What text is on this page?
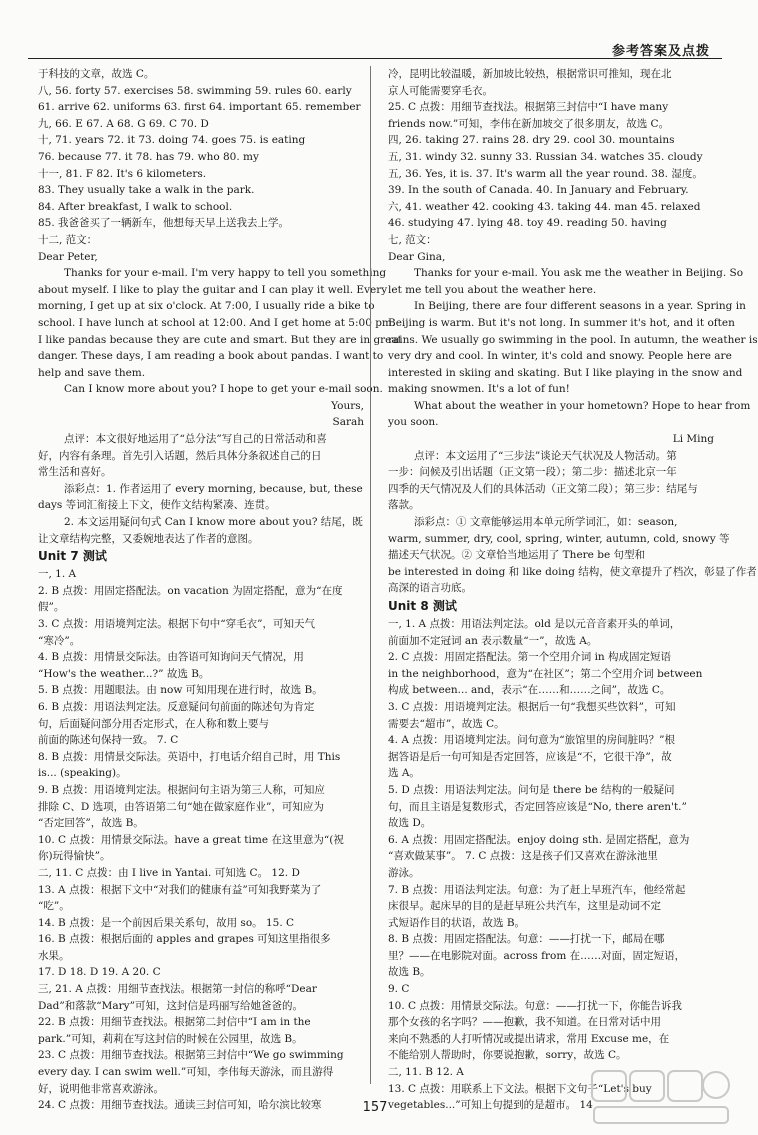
参考答案及点拨
于科技的文章，故选 C。
八, 56. forty 57. exercises 58. swimming 59. rules 60. early
61. arrive 62. uniforms 63. first 64. important 65. remember
九, 66. E 67. A 68. G 69. C 70. D
十, 71. years 72. it 73. doing 74. goes 75. is eating
76. because 77. it 78. has 79. who 80. my
十一, 81. F 82. It's 6 kilometers.
83. They usually take a walk in the park.
84. After breakfast, I walk to school.
85. 我爸爸买了一辆新车，他想每天早上送我去上学。
十二, 范文：
Dear Peter,
Thanks for your e-mail. I'm very happy to tell you something
about myself. I like to play the guitar and I can play it well. Every
morning, I get up at six o'clock. At 7:00, I usually ride a bike to
school. I have lunch at school at 12:00. And I get home at 5:00 pm.
I like pandas because they are cute and smart. But they are in great
danger. These days, I am reading a book about pandas. I want to
help and save them.
Can I know more about you? I hope to get your e-mail soon.
Yours,
Sarah
点评：本文很好地运用了“总分法”写自己的日常活动和喜
好，内容有条理。首先引入话题，然后具体分条叙述自己的日
常生活和喜好。
添彩点：1. 作者运用了 every morning, because, but, these
days 等词汇衔接上下文，使作文结构紧凑、连贯。
2. 本文运用疑问句式 Can I know more about you? 结尾，既
让文章结构完整，又委婉地表达了作者的意图。
Unit 7 测试
一, 1. A
2. B 点拨：用固定搭配法。on vacation 为固定搭配，意为“在度
假”。
3. C 点拨：用语境判定法。根据下句中“穿毛衣”，可知天气
“寒冷”。
4. B 点拨：用情景交际法。由答语可知询问天气情况，用
“How's the weather...?” 故选 B。
5. B 点拨：用题眼法。由 now 可知用现在进行时，故选 B。
6. B 点拨：用语法判定法。反意疑问句前面的陈述句为肯定
句，后面疑问部分用否定形式，在人称和数上要与
前面的陈述句保持一致。 7. C
8. B 点拨：用情景交际法。英语中，打电话介绍自己时，用 This
is... (speaking)。
9. B 点拨：用语境判定法。根据问句主语为第三人称，可知应
排除 C、D 选项，由答语第二句“她在做家庭作业”，可知应为
“否定回答”，故选 B。
10. C 点拨：用情景交际法。have a great time 在这里意为“(祝
你)玩得愉快”。
二, 11. C 点拨：由 I live in Yantai. 可知选 C。 12. D
13. A 点拨：根据下文中“对我们的健康有益”可知我野菜为了
“吃”。
14. B 点拨：是一个前因后果关系句，故用 so。 15. C
16. B 点拨：根据后面的 apples and grapes 可知这里指很多
水果。
17. D 18. D 19. A 20. C
三, 21. A 点拨：用细节查找法。根据第一封信的称呼“Dear
Dad”和落款“Mary”可知，这封信是玛丽写给她爸爸的。
22. B 点拨：用细节查找法。根据第二封信中“I am in the
park.”可知，莉莉在写这封信的时候在公园里，故选 B。
23. C 点拨：用细节查找法。根据第三封信中“We go swimming
every day. I can swim well.”可知，李伟每天游泳，而且游得
好，说明他非常喜欢游泳。
24. C 点拨：用细节查找法。通读三封信可知，哈尔滨比较寒
冷，昆明比较温暖，新加坡比较热，根据常识可推知，现在北
京人可能需要穿毛衣。
25. C 点拨：用细节查找法。根据第三封信中“I have many
friends now.”可知，李伟在新加坡交了很多朋友，故选 C。
四, 26. taking 27. rains 28. dry 29. cool 30. mountains
五, 31. windy 32. sunny 33. Russian 34. watches 35. cloudy
五, 36. Yes, it is. 37. It's warm all the year round. 38. 湿度。
39. In the south of Canada. 40. In January and February.
六, 41. weather 42. cooking 43. taking 44. man 45. relaxed
46. studying 47. lying 48. toy 49. reading 50. having
七, 范文：
Dear Gina,
Thanks for your e-mail. You ask me the weather in Beijing. So
let me tell you about the weather here.
In Beijing, there are four different seasons in a year. Spring in
Beijing is warm. But it's not long. In summer it's hot, and it often
rains. We usually go swimming in the pool. In autumn, the weather is
very dry and cool. In winter, it's cold and snowy. People here are
interested in skiing and skating. But I like playing in the snow and
making snowmen. It's a lot of fun!
What about the weather in your hometown? Hope to hear from
you soon.
Li Ming
点评：本文运用了“三步法”谈论天气状况及人物活动。第
一步：问候及引出话题（正文第一段）；第二步：描述北京一年
四季的天气情况及人们的具体活动（正文第二段）；第三步：结尾与
落款。
添彩点：① 文章能够运用本单元所学词汇，如：season,
warm, summer, dry, cool, spring, winter, autumn, cold, snowy 等
描述天气状况。② 文章恰当地运用了 There be 句型和
be interested in doing 和 like doing 结构，使文章提升了档次，彰显了作者
高深的语言功底。
Unit 8 测试
一, 1. A 点拨：用语法判定法。old 是以元音音素开头的单词，
前面加不定冠词 an 表示数量“一”，故选 A。
2. C 点拨：用固定搭配法。第一个空用介词 in 构成固定短语
in the neighborhood，意为“在社区”；第二个空用介词 between
构成 between... and，表示“在……和……之间”，故选 C。
3. C 点拨：用语境判定法。根据后一句“我想买些饮料”，可知
需要去“超市”，故选 C。
4. A 点拨：用语境判定法。问句意为“旅馆里的房间脏吗？”根
据答语是后一句可知是否定回答，应该是“不，它很干净”，故
选 A。
5. D 点拨：用语法判定法。问句是 there be 结构的一般疑问
句，而且主语是复数形式，否定回答应该是“No, there aren't.”
故选 D。
6. A 点拨：用固定搭配法。enjoy doing sth. 是固定搭配，意为
“喜欢做某事”。 7. C 点拨：这是孩子们又喜欢在游泳池里
游泳。
7. B 点拨：用语法判定法。句意：为了赶上早班汽车，他经常起
床很早。起床早的目的是赶早班公共汽车，这里是动词不定
式短语作目的状语，故选 B。
8. B 点拨：用固定搭配法。句意：——打扰一下，邮局在哪
里？——在电影院对面。across from 在……对面，固定短语，
故选 B。
9. C
10. C 点拨：用情景交际法。句意：——打扰一下，你能告诉我
那个女孩的名字吗？——抱歉，我不知道。在日常对话中用
来向不熟悉的人打听情况或提出请求，常用 Excuse me，在
不能给别人帮助时，你要说抱歉，sorry，故选 C。
二, 11. B 12. A
13. C 点拨：用联系上下文法。根据下文句子“Let's buy
vegetables...”可知上句提到的是超市。 14
157
